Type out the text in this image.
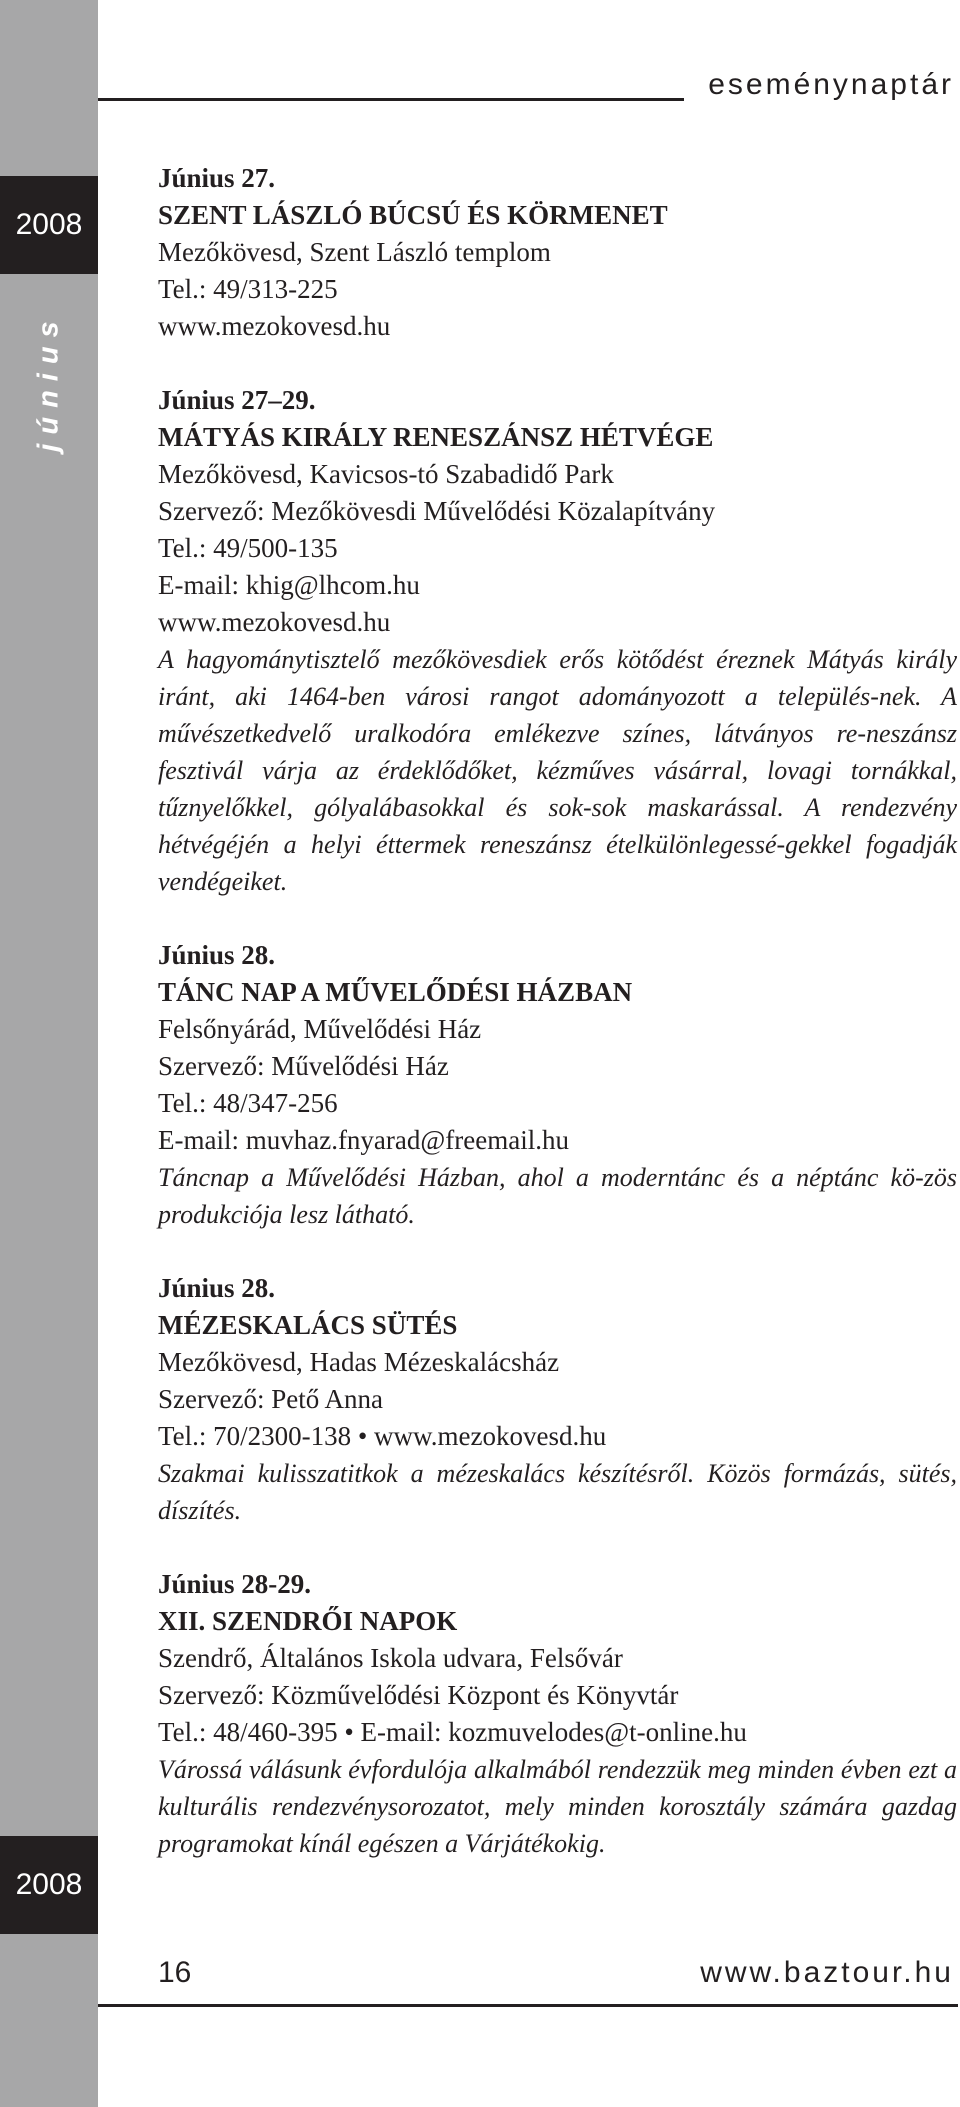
2008
június
2008
eseménynaptár
Június 27.
SZENT LÁSZLÓ BÚCSÚ ÉS KÖRMENET
Mezőkövesd, Szent László templom
Tel.: 49/313-225
www.mezokovesd.hu
Június 27–29.
MÁTYÁS KIRÁLY RENESZÁNSZ HÉTVÉGE
Mezőkövesd, Kavicsos-tó Szabadidő Park
Szervező: Mezőkövesdi Művelődési Közalapítvány
Tel.: 49/500-135
E-mail: khig@lhcom.hu
www.mezokovesd.hu
A hagyománytisztelő mezőkövesdiek erős kötődést éreznek Mátyás király iránt, aki 1464-ben városi rangot adományozott a település-nek. A művészetkedvelő uralkodóra emlékezve színes, látványos re-neszánsz fesztivál várja az érdeklődőket, kézműves vásárral, lovagi tornákkal, tűznyelőkkel, gólyalábasokkal és sok-sok maskarással. A rendezvény hétvégéjén a helyi éttermek reneszánsz ételkülönlegessé-gekkel fogadják vendégeiket.
Június 28.
TÁNC NAP A MŰVELŐDÉSI HÁZBAN
Felsőnyárád, Művelődési Ház
Szervező: Művelődési Ház
Tel.: 48/347-256
E-mail: muvhaz.fnyarad@freemail.hu
Táncnap a Művelődési Házban, ahol a moderntánc és a néptánc kö-zös produkciója lesz látható.
Június 28.
MÉZESKALÁCS SÜTÉS
Mezőkövesd, Hadas Mézeskalácsház
Szervező: Pető Anna
Tel.: 70/2300-138 • www.mezokovesd.hu
Szakmai kulisszatitkok a mézeskalács készítésről. Közös formázás, sütés, díszítés.
Június 28-29.
XII. SZENDRŐI NAPOK
Szendrő, Általános Iskola udvara, Felsővár
Szervező: Közművelődési Központ és Könyvtár
Tel.: 48/460-395 • E-mail: kozmuvelodes@t-online.hu
Várossá válásunk évfordulója alkalmából rendezzük meg minden évben ezt a kulturális rendezvénysorozatot, mely minden korosztály számára gazdag programokat kínál egészen a Várjátékokig.
16	www.baztour.hu
